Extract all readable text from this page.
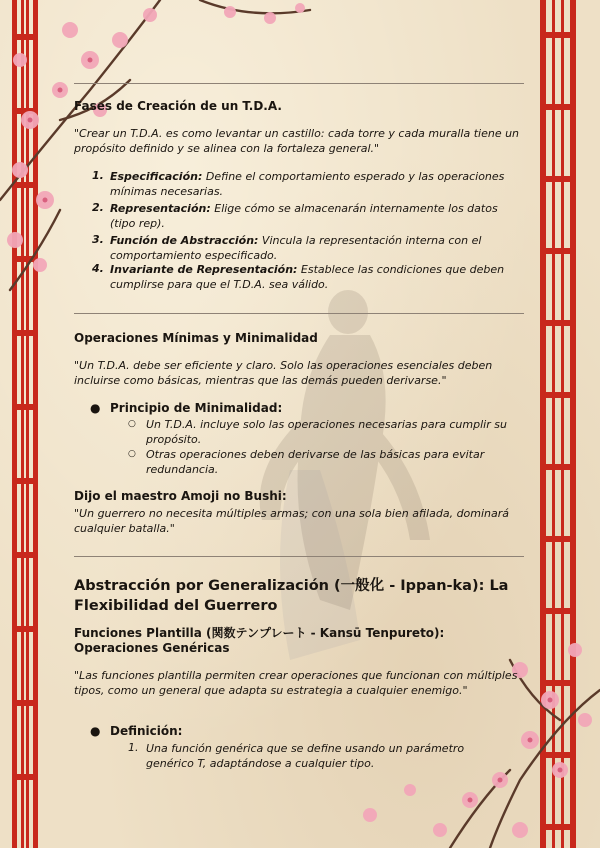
Fases de Creación de un T.D.A.

"Crear un T.D.A. es como levantar un castillo: cada torre y cada muralla tiene un propósito definido y se alinea con la fortaleza general."

1. Especificación: Define el comportamiento esperado y las operaciones mínimas necesarias.

2. Representación: Elige cómo se almacenarán internamente los datos (tipo rep).

3. Función de Abstracción: Vincula la representación interna con el comportamiento especificado.

4. Invariante de Representación: Establece las condiciones que deben cumplirse para que el T.D.A. sea válido.

Operaciones Mínimas y Minimalidad

"Un T.D.A. debe ser eficiente y claro. Solo las operaciones esenciales deben incluirse como básicas, mientras que las demás pueden derivarse."

● Principio de Minimalidad:

○ Un T.D.A. incluye solo las operaciones necesarias para cumplir su propósito.

○ Otras operaciones deben derivarse de las básicas para evitar redundancia.

Dijo el maestro Amoji no Bushi:

"Un guerrero no necesita múltiples armas; con una sola bien afilada, dominará cualquier batalla."

Abstracción por Generalización (一般化 - Ippan-ka): La Flexibilidad del Guerrero

Funciones Plantilla (関数テンプレート - Kansū Tenpureto): Operaciones Genéricas

"Las funciones plantilla permiten crear operaciones que funcionan con múltiples tipos, como un general que adapta su estrategia a cualquier enemigo."

● Definición:

1. Una función genérica que se define usando un parámetro genérico T, adaptándose a cualquier tipo.
